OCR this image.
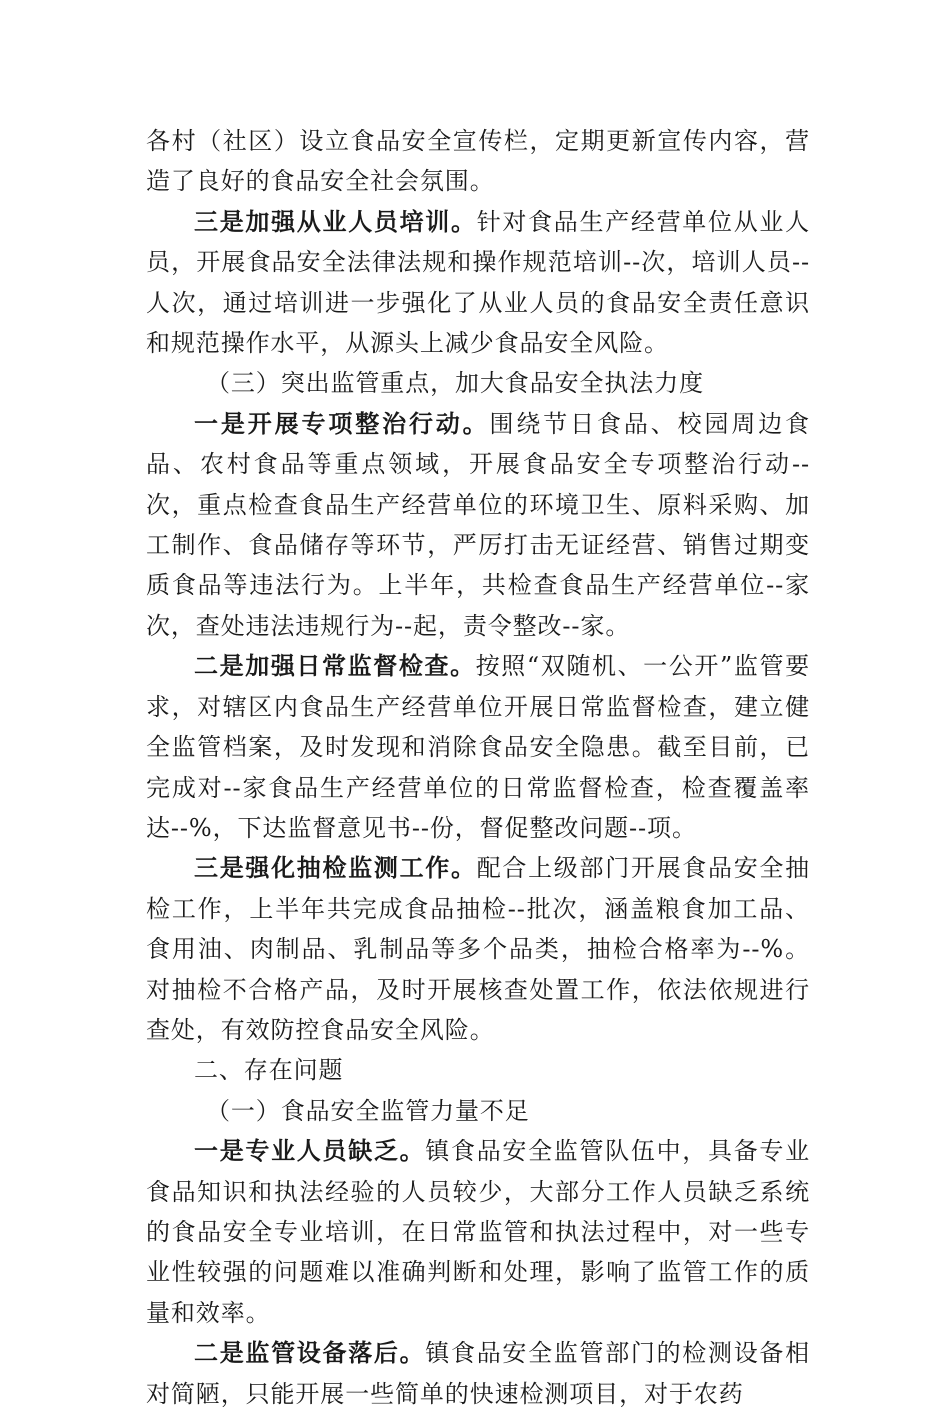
各村（社区）设立食品安全宣传栏，定期更新宣传内容，营造了良好的食品安全社会氛围。

三是加强从业人员培训。针对食品生产经营单位从业人员，开展食品安全法律法规和操作规范培训--次，培训人员--人次，通过培训进一步强化了从业人员的食品安全责任意识和规范操作水平，从源头上减少食品安全风险。

（三）突出监管重点，加大食品安全执法力度

一是开展专项整治行动。围绕节日食品、校园周边食品、农村食品等重点领域，开展食品安全专项整治行动--次，重点检查食品生产经营单位的环境卫生、原料采购、加工制作、食品储存等环节，严厉打击无证经营、销售过期变质食品等违法行为。上半年，共检查食品生产经营单位--家次，查处违法违规行为--起，责令整改--家。

二是加强日常监督检查。按照“双随机、一公开”监管要求，对辖区内食品生产经营单位开展日常监督检查，建立健全监管档案，及时发现和消除食品安全隐患。截至目前，已完成对--家食品生产经营单位的日常监督检查，检查覆盖率达--%，下达监督意见书--份，督促整改问题--项。

三是强化抽检监测工作。配合上级部门开展食品安全抽检工作，上半年共完成食品抽检--批次，涵盖粮食加工品、食用油、肉制品、乳制品等多个品类，抽检合格率为--%。对抽检不合格产品，及时开展核查处置工作，依法依规进行查处，有效防控食品安全风险。

二、存在问题

（一）食品安全监管力量不足

一是专业人员缺乏。镇食品安全监管队伍中，具备专业食品知识和执法经验的人员较少，大部分工作人员缺乏系统的食品安全专业培训，在日常监管和执法过程中，对一些专业性较强的问题难以准确判断和处理，影响了监管工作的质量和效率。

二是监管设备落后。镇食品安全监管部门的检测设备相对简陋，只能开展一些简单的快速检测项目，对于农药
